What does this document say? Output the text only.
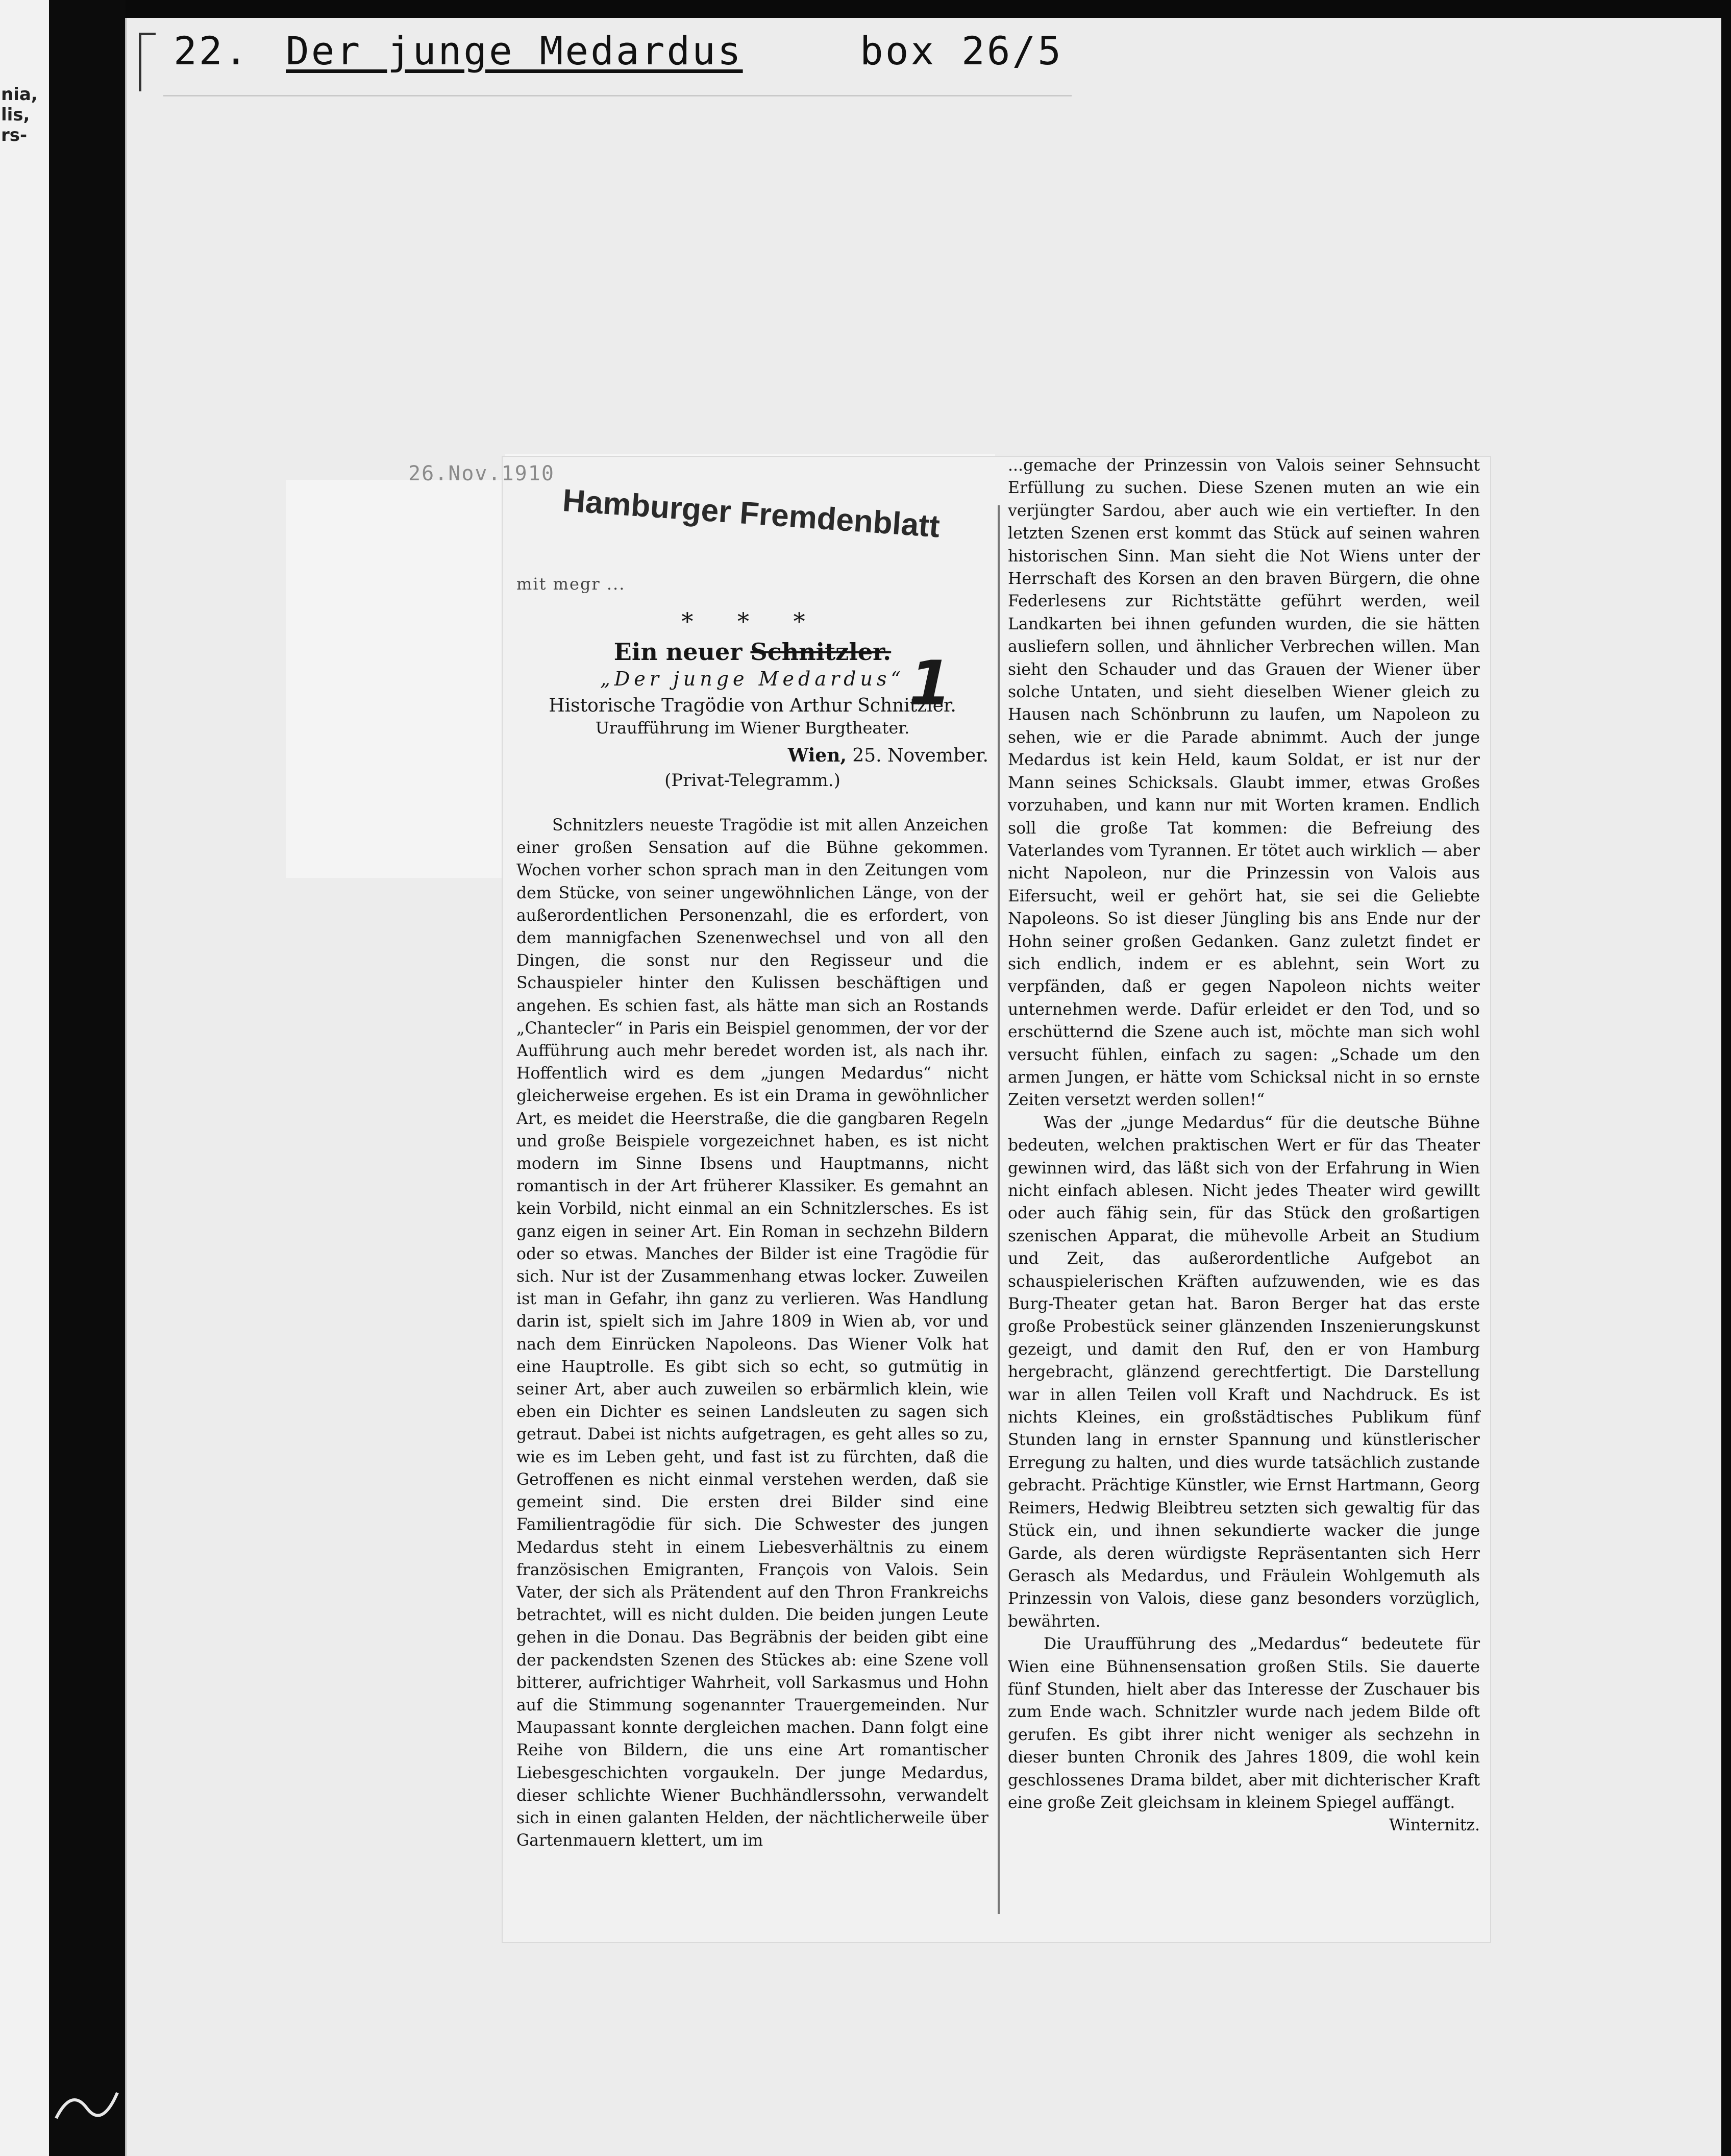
nia,
lis,
rs-
22. Der junge Medardus	box 26/5
26.Nov.1910
Hamburger Fremdenblatt
mit megr ...
* * *
Ein neuer Schnitzler.
„Der junge Medardus“
Historische Tragödie von Arthur Schnitzler.
Uraufführung im Wiener Burgtheater.
Wien, 25. November.
(Privat-Telegramm.)
1

Schnitzlers neueste Tragödie ist mit allen Anzeichen einer großen Sensation auf die Bühne gekommen. Wochen vorher schon sprach man in den Zeitungen vom dem Stücke, von seiner ungewöhnlichen Länge, von der außerordentlichen Personenzahl, die es erfordert, von dem mannigfachen Szenenwechsel und von all den Dingen, die sonst nur den Regisseur und die Schauspieler hinter den Kulissen beschäftigen und angehen. Es schien fast, als hätte man sich an Rostands „Chantecler“ in Paris ein Beispiel genommen, der vor der Aufführung auch mehr beredet worden ist, als nach ihr. Hoffentlich wird es dem „jungen Medardus“ nicht gleicherweise ergehen. Es ist ein Drama in gewöhnlicher Art, es meidet die Heerstraße, die die gangbaren Regeln und große Beispiele vorgezeichnet haben, es ist nicht modern im Sinne Ibsens und Hauptmanns, nicht romantisch in der Art früherer Klassiker. Es gemahnt an kein Vorbild, nicht einmal an ein Schnitzlersches. Es ist ganz eigen in seiner Art. Ein Roman in sechzehn Bildern oder so etwas. Manches der Bilder ist eine Tragödie für sich. Nur ist der Zusammenhang etwas locker. Zuweilen ist man in Gefahr, ihn ganz zu verlieren. Was Handlung darin ist, spielt sich im Jahre 1809 in Wien ab, vor und nach dem Einrücken Napoleons. Das Wiener Volk hat eine Hauptrolle. Es gibt sich so echt, so gutmütig in seiner Art, aber auch zuweilen so erbärmlich klein, wie eben ein Dichter es seinen Landsleuten zu sagen sich getraut. Dabei ist nichts aufgetragen, es geht alles so zu, wie es im Leben geht, und fast ist zu fürchten, daß die Getroffenen es nicht einmal verstehen werden, daß sie gemeint sind. Die ersten drei Bilder sind eine Familientragödie für sich. Die Schwester des jungen Medardus steht in einem Liebesverhältnis zu einem französischen Emigranten, François von Valois. Sein Vater, der sich als Prätendent auf den Thron Frankreichs betrachtet, will es nicht dulden. Die beiden jungen Leute gehen in die Donau. Das Begräbnis der beiden gibt eine der packendsten Szenen des Stückes ab: eine Szene voll bitterer, aufrichtiger Wahrheit, voll Sarkasmus und Hohn auf die Stimmung sogenannter Trauergemeinden. Nur Maupassant konnte dergleichen machen. Dann folgt eine Reihe von Bildern, die uns eine Art romantischer Liebesgeschichten vorgaukeln. Der junge Medardus, dieser schlichte Wiener Buchhändlerssohn, verwandelt sich in einen galanten Helden, der nächtlicherweile über Gartenmauern klettert, um im

...gemache der Prinzessin von Valois seiner Sehnsucht Erfüllung zu suchen. Diese Szenen muten an wie ein verjüngter Sardou, aber auch wie ein vertiefter. In den letzten Szenen erst kommt das Stück auf seinen wahren historischen Sinn. Man sieht die Not Wiens unter der Herrschaft des Korsen an den braven Bürgern, die ohne Federlesens zur Richtstätte geführt werden, weil Landkarten bei ihnen gefunden wurden, die sie hätten ausliefern sollen, und ähnlicher Verbrechen willen. Man sieht den Schauder und das Grauen der Wiener über solche Untaten, und sieht dieselben Wiener gleich zu Hausen nach Schönbrunn zu laufen, um Napoleon zu sehen, wie er die Parade abnimmt. Auch der junge Medardus ist kein Held, kaum Soldat, er ist nur der Mann seines Schicksals. Glaubt immer, etwas Großes vorzuhaben, und kann nur mit Worten kramen. Endlich soll die große Tat kommen: die Befreiung des Vaterlandes vom Tyrannen. Er tötet auch wirklich — aber nicht Napoleon, nur die Prinzessin von Valois aus Eifersucht, weil er gehört hat, sie sei die Geliebte Napoleons. So ist dieser Jüngling bis ans Ende nur der Hohn seiner großen Gedanken. Ganz zuletzt findet er sich endlich, indem er es ablehnt, sein Wort zu verpfänden, daß er gegen Napoleon nichts weiter unternehmen werde. Dafür erleidet er den Tod, und so erschütternd die Szene auch ist, möchte man sich wohl versucht fühlen, einfach zu sagen: „Schade um den armen Jungen, er hätte vom Schicksal nicht in so ernste Zeiten versetzt werden sollen!“

Was der „junge Medardus“ für die deutsche Bühne bedeuten, welchen praktischen Wert er für das Theater gewinnen wird, das läßt sich von der Erfahrung in Wien nicht einfach ablesen. Nicht jedes Theater wird gewillt oder auch fähig sein, für das Stück den großartigen szenischen Apparat, die mühevolle Arbeit an Studium und Zeit, das außerordentliche Aufgebot an schauspielerischen Kräften aufzuwenden, wie es das Burg-Theater getan hat. Baron Berger hat das erste große Probestück seiner glänzenden Inszenierungskunst gezeigt, und damit den Ruf, den er von Hamburg hergebracht, glänzend gerechtfertigt. Die Darstellung war in allen Teilen voll Kraft und Nachdruck. Es ist nichts Kleines, ein großstädtisches Publikum fünf Stunden lang in ernster Spannung und künstlerischer Erregung zu halten, und dies wurde tatsächlich zustande gebracht. Prächtige Künstler, wie Ernst Hartmann, Georg Reimers, Hedwig Bleibtreu setzten sich gewaltig für das Stück ein, und ihnen sekundierte wacker die junge Garde, als deren würdigste Repräsentanten sich Herr Gerasch als Medardus, und Fräulein Wohlgemuth als Prinzessin von Valois, diese ganz besonders vorzüglich, bewährten.

Die Uraufführung des „Medardus“ bedeutete für Wien eine Bühnensensation großen Stils. Sie dauerte fünf Stunden, hielt aber das Interesse der Zuschauer bis zum Ende wach. Schnitzler wurde nach jedem Bilde oft gerufen. Es gibt ihrer nicht weniger als sechzehn in dieser bunten Chronik des Jahres 1809, die wohl kein geschlossenes Drama bildet, aber mit dichterischer Kraft eine große Zeit gleichsam in kleinem Spiegel auffängt.

Winternitz.
